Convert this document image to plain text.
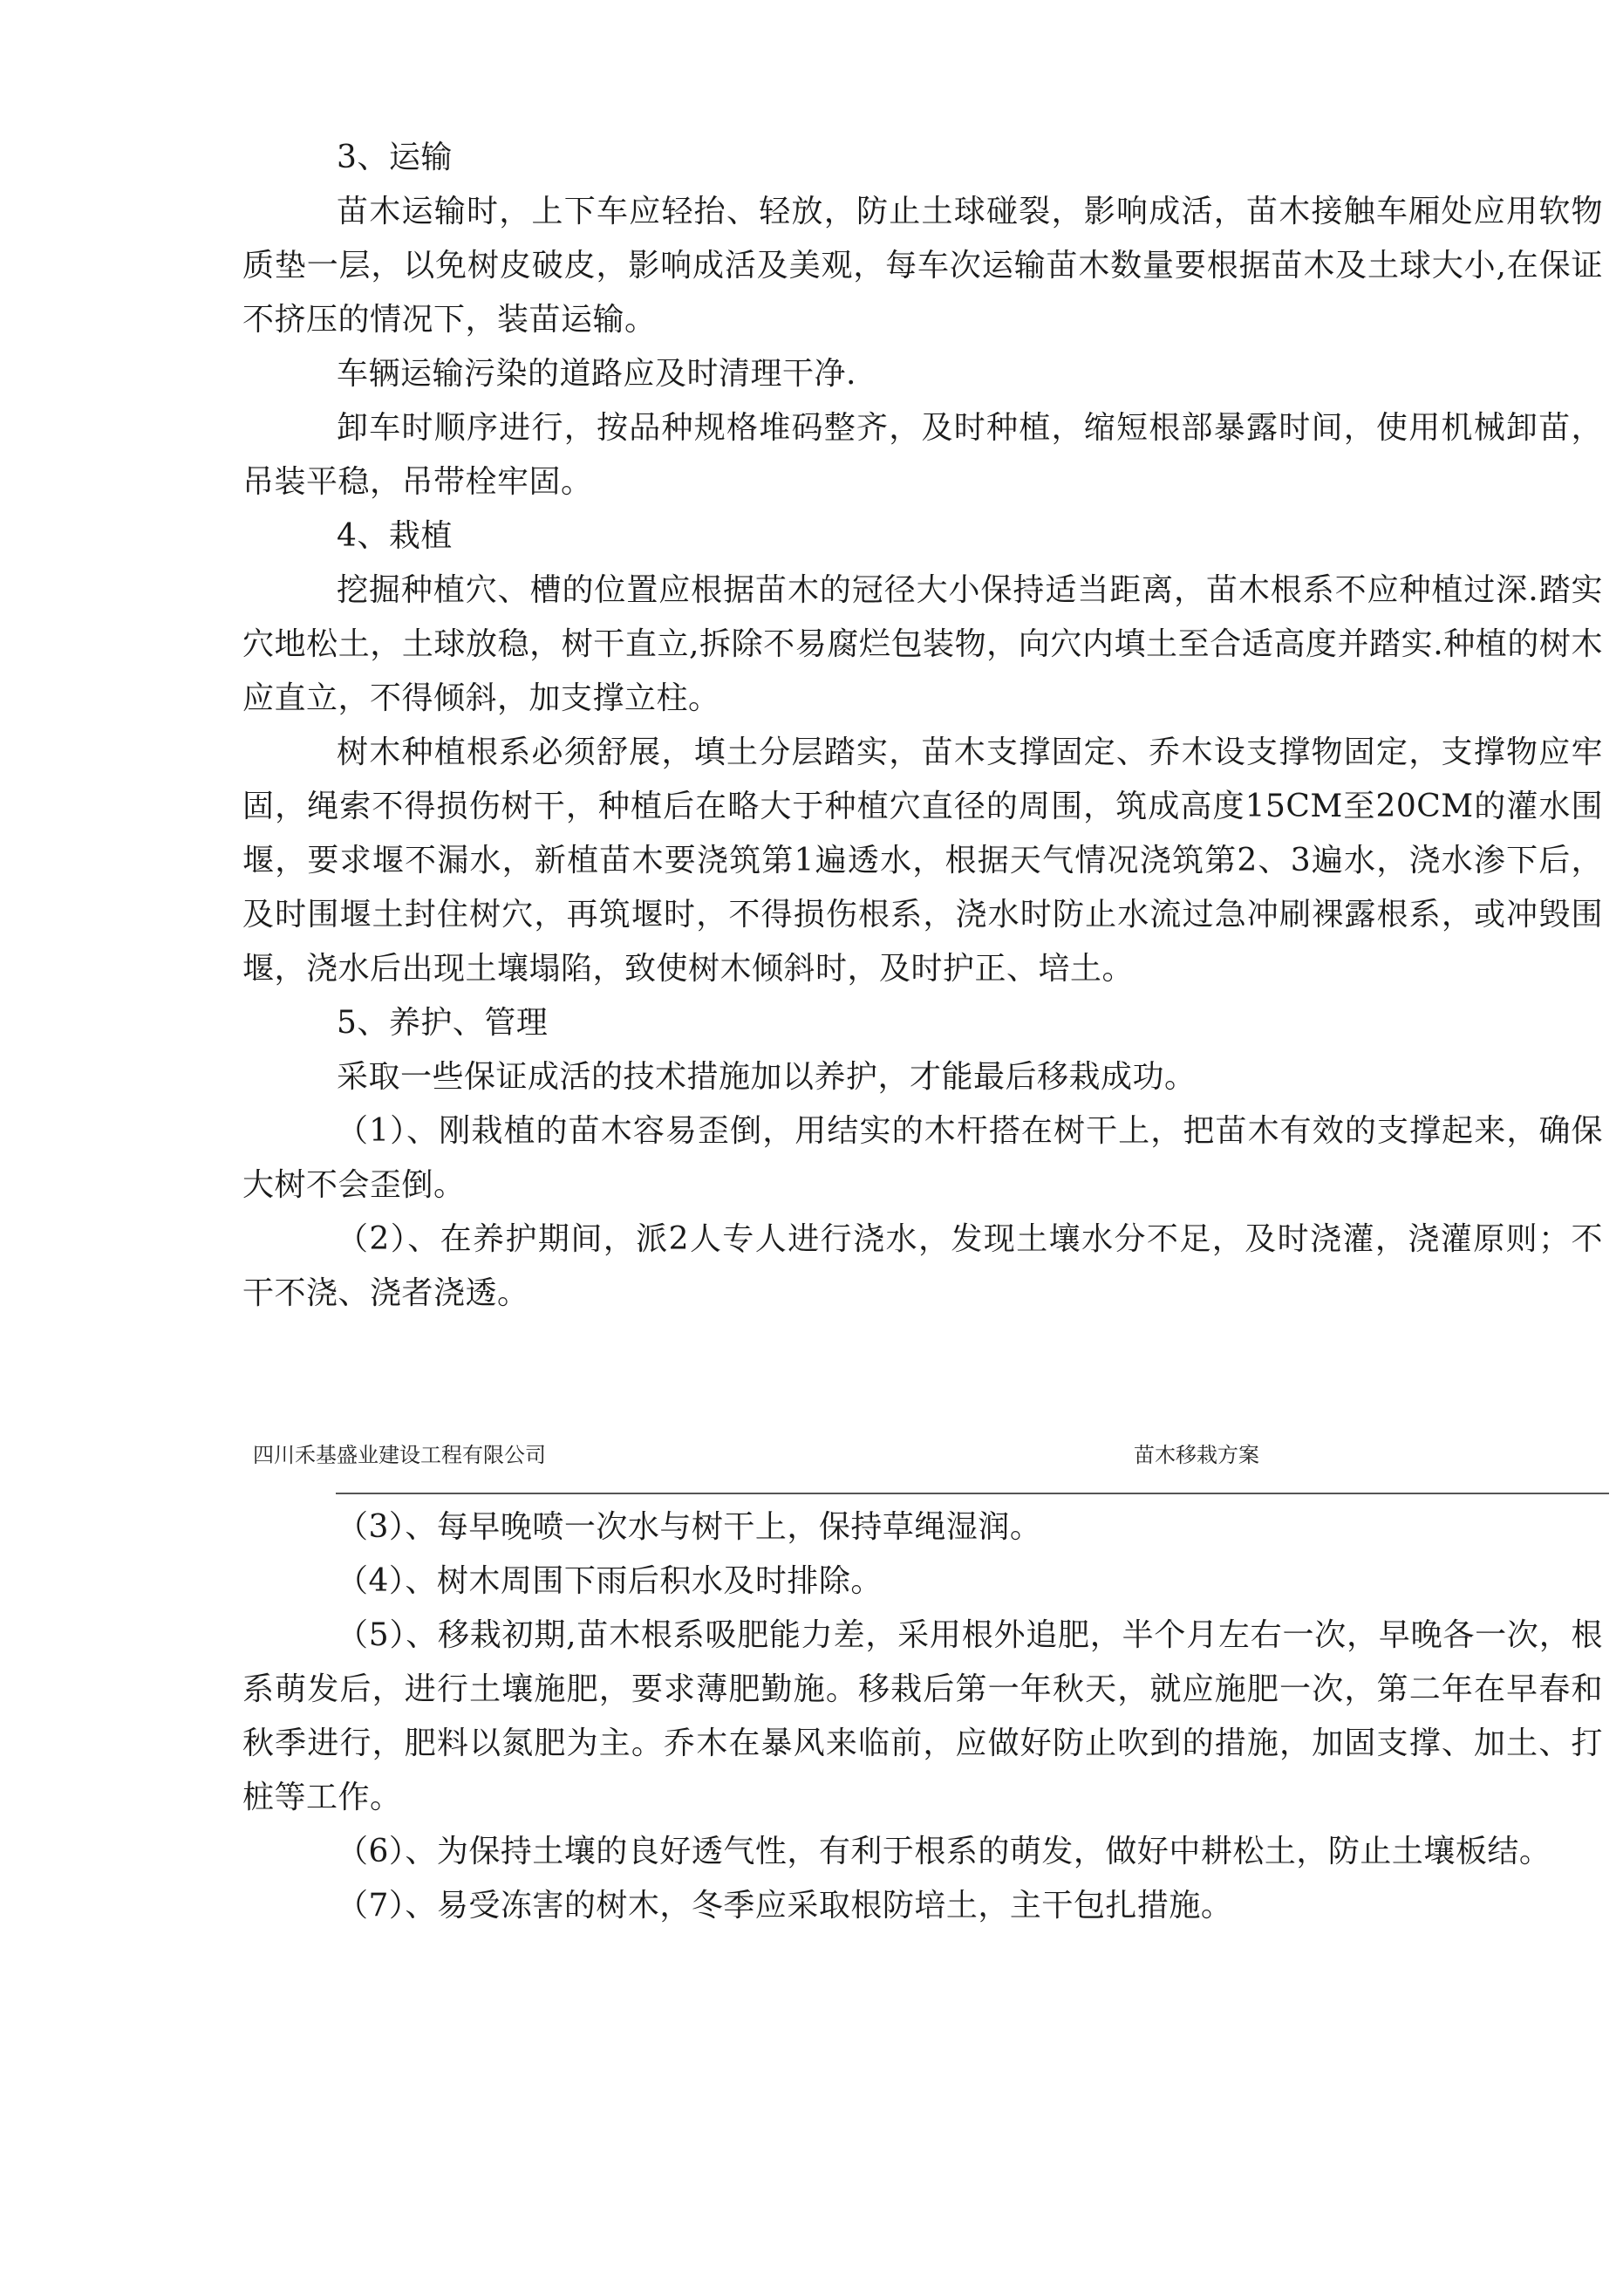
3、运输

苗木运输时，上下车应轻抬、轻放，防止土球碰裂，影响成活，苗木接触车厢处应用软物质垫一层，以免树皮破皮，影响成活及美观，每车次运输苗木数量要根据苗木及土球大小,在保证不挤压的情况下，装苗运输。

车辆运输污染的道路应及时清理干净.

卸车时顺序进行，按品种规格堆码整齐，及时种植，缩短根部暴露时间，使用机械卸苗，吊装平稳，吊带栓牢固。

4、栽植

挖掘种植穴、槽的位置应根据苗木的冠径大小保持适当距离，苗木根系不应种植过深.踏实穴地松土，土球放稳，树干直立,拆除不易腐烂包装物，向穴内填土至合适高度并踏实.种植的树木应直立，不得倾斜，加支撑立柱。

树木种植根系必须舒展，填土分层踏实，苗木支撑固定、乔木设支撑物固定，支撑物应牢固，绳索不得损伤树干，种植后在略大于种植穴直径的周围，筑成高度15CM至20CM的灌水围堰，要求堰不漏水，新植苗木要浇筑第1遍透水，根据天气情况浇筑第2、3遍水，浇水渗下后，及时围堰土封住树穴，再筑堰时，不得损伤根系，浇水时防止水流过急冲刷裸露根系，或冲毁围堰，浇水后出现土壤塌陷，致使树木倾斜时，及时护正、培土。

5、养护、管理

采取一些保证成活的技术措施加以养护，才能最后移栽成功。

（1）、刚栽植的苗木容易歪倒，用结实的木杆搭在树干上，把苗木有效的支撑起来，确保大树不会歪倒。

（2）、在养护期间，派2人专人进行浇水，发现土壤水分不足，及时浇灌，浇灌原则；不干不浇、浇者浇透。

四川禾基盛业建设工程有限公司	苗木移栽方案

（3）、每早晚喷一次水与树干上，保持草绳湿润。

（4）、树木周围下雨后积水及时排除。

（5）、移栽初期,苗木根系吸肥能力差，采用根外追肥，半个月左右一次，早晚各一次，根系萌发后，进行土壤施肥，要求薄肥勤施。移栽后第一年秋天，就应施肥一次，第二年在早春和秋季进行，肥料以氮肥为主。乔木在暴风来临前，应做好防止吹到的措施，加固支撑、加土、打桩等工作。

（6）、为保持土壤的良好透气性，有利于根系的萌发，做好中耕松土，防止土壤板结。

（7）、易受冻害的树木，冬季应采取根防培土，主干包扎措施。
